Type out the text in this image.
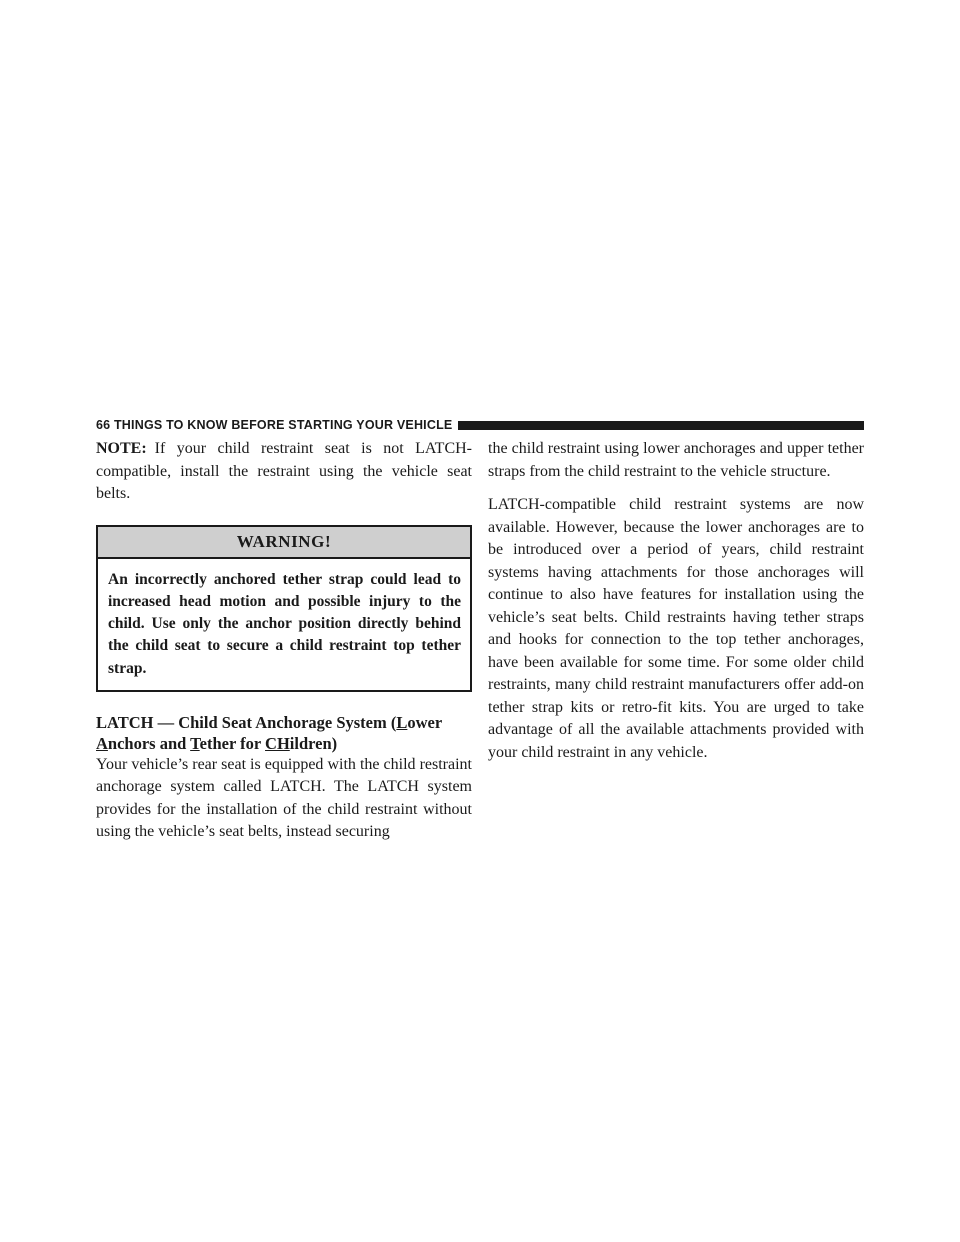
66 THINGS TO KNOW BEFORE STARTING YOUR VEHICLE

NOTE: If your child restraint seat is not LATCH-compatible, install the restraint using the vehicle seat belts.

WARNING!
An incorrectly anchored tether strap could lead to increased head motion and possible injury to the child. Use only the anchor position directly behind the child seat to secure a child restraint top tether strap.
LATCH — Child Seat Anchorage System (Lower
Anchors and Tether for CHildren)

Your vehicle’s rear seat is equipped with the child restraint anchorage system called LATCH. The LATCH system provides for the installation of the child restraint without using the vehicle’s seat belts, instead securing

the child restraint using lower anchorages and upper tether straps from the child restraint to the vehicle structure.

LATCH-compatible child restraint systems are now available. However, because the lower anchorages are to be introduced over a period of years, child restraint systems having attachments for those anchorages will continue to also have features for installation using the vehicle’s seat belts. Child restraints having tether straps and hooks for connection to the top tether anchorages, have been available for some time. For some older child restraints, many child restraint manufacturers offer add-on tether strap kits or retro-fit kits. You are urged to take advantage of all the available attachments provided with your child restraint in any vehicle.
